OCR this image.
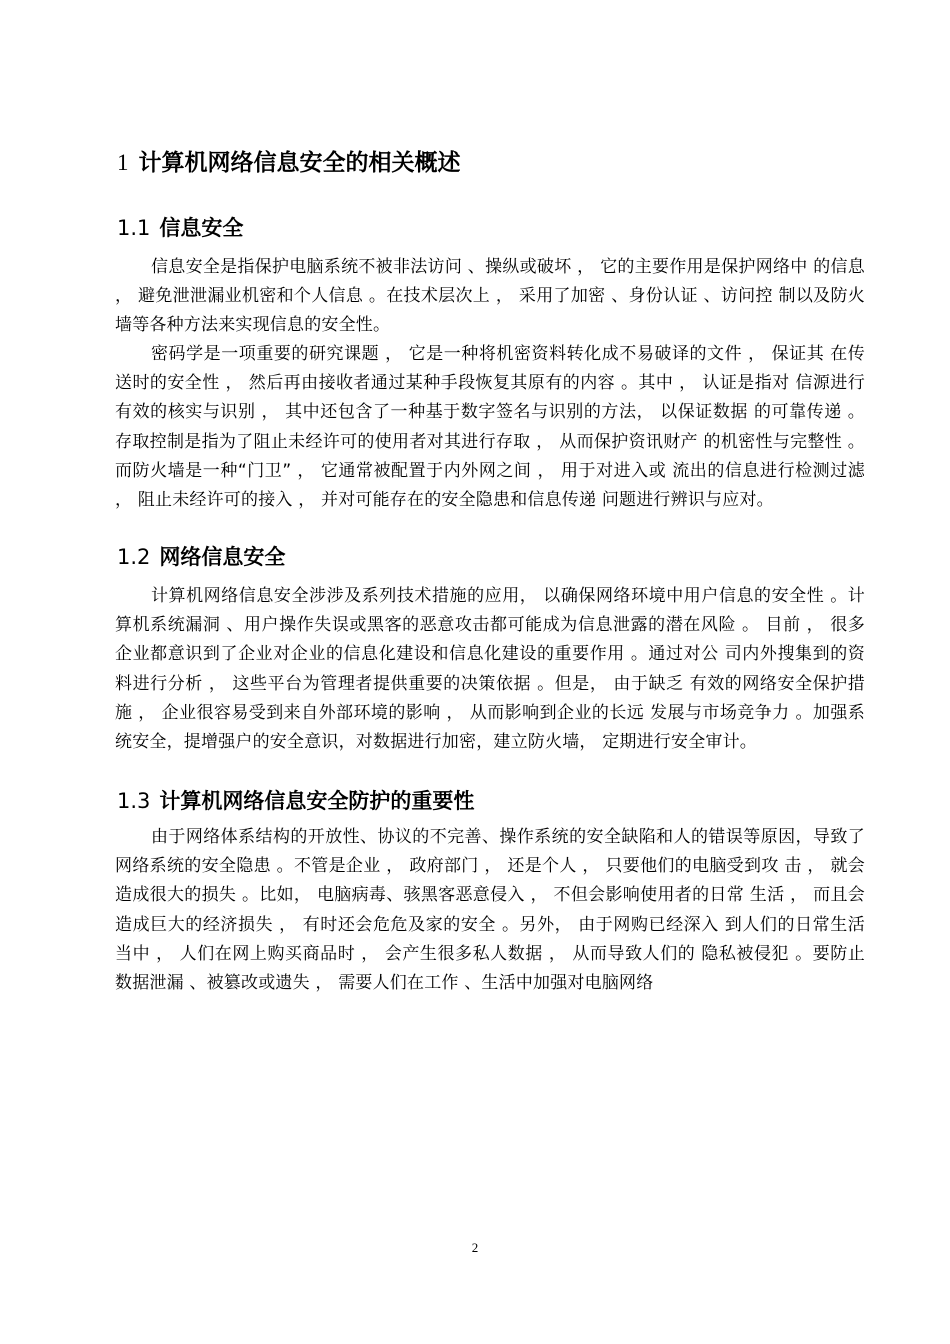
1 计算机网络信息安全的相关概述
1.1 信息安全

信息安全是指保护电脑系统不被非法访问 、操纵或破坏 ， 它的主要作用是保护网络中 的信息 ， 避免泄泄漏业机密和个人信息 。在技术层次上 ， 采用了加密 、身份认证 、访问控 制以及防火墙等各种方法来实现信息的安全性。

密码学是一项重要的研究课题 ， 它是一种将机密资料转化成不易破译的文件 ， 保证其 在传送时的安全性 ， 然后再由接收者通过某种手段恢复其原有的内容 。其中 ， 认证是指对 信源进行有效的核实与识别 ， 其中还包含了一种基于数字签名与识别的方法， 以保证数据 的可靠传递 。存取控制是指为了阻止未经许可的使用者对其进行存取 ， 从而保护资讯财产 的机密性与完整性 。而防火墙是一种“门卫” ， 它通常被配置于内外网之间 ， 用于对进入或 流出的信息进行检测过滤 ， 阻止未经许可的接入 ， 并对可能存在的安全隐患和信息传递 问题进行辨识与应对。

1.2 网络信息安全

计算机网络信息安全涉涉及系列技术措施的应用， 以确保网络环境中用户信息的安全性 。计算机系统漏洞 、用户操作失误或黑客的恶意攻击都可能成为信息泄露的潜在风险 。 目前 ， 很多企业都意识到了企业对企业的信息化建设和信息化建设的重要作用 。通过对公 司内外搜集到的资料进行分析 ， 这些平台为管理者提供重要的决策依据 。但是， 由于缺乏 有效的网络安全保护措施 ， 企业很容易受到来自外部环境的影响 ， 从而影响到企业的长远 发展与市场竞争力 。加强系统安全，提增强户的安全意识，对数据进行加密，建立防火墙， 定期进行安全审计。

1.3 计算机网络信息安全防护的重要性

由于网络体系结构的开放性、协议的不完善、操作系统的安全缺陷和人的错误等原因，导致了网络系统的安全隐患 。不管是企业 ， 政府部门 ， 还是个人 ， 只要他们的电脑受到攻 击 ， 就会造成很大的损失 。比如， 电脑病毒、骇黑客恶意侵入 ， 不但会影响使用者的日常 生活 ， 而且会造成巨大的经济损失 ， 有时还会危危及家的安全 。另外， 由于网购已经深入 到人们的日常生活当中 ， 人们在网上购买商品时 ， 会产生很多私人数据 ， 从而导致人们的 隐私被侵犯 。要防止数据泄漏 、被篡改或遗失 ， 需要人们在工作 、生活中加强对电脑网络

2
